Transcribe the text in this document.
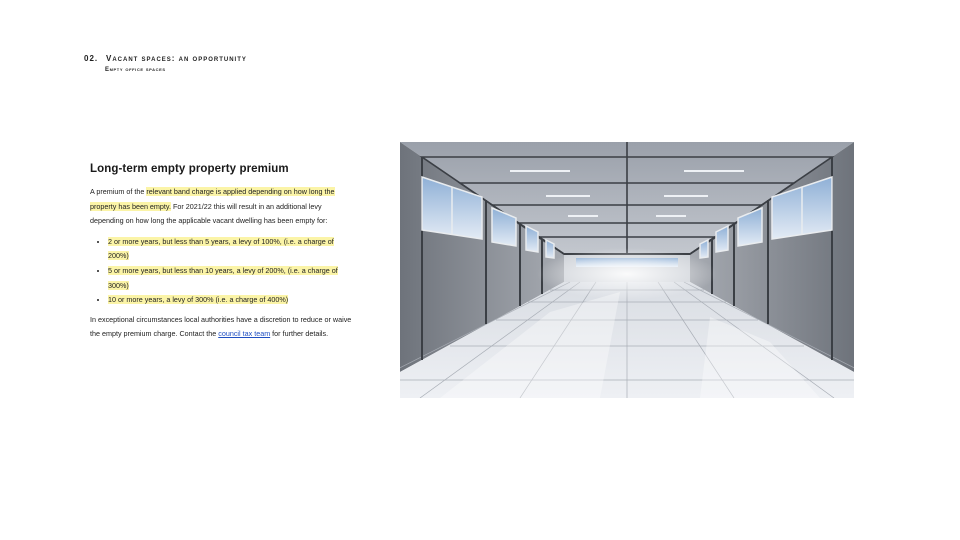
02. Vacant spaces: an opportunity
Empty office spaces
Long-term empty property premium

A premium of the relevant band charge is applied depending on how long the property has been empty. For 2021/22 this will result in an additional levy depending on how long the applicable vacant dwelling has been empty for:

• 2 or more years, but less than 5 years, a levy of 100%, (i.e. a charge of 200%)
• 5 or more years, but less than 10 years, a levy of 200%, (i.e. a charge of 300%)
• 10 or more years, a levy of 300% (i.e. a charge of 400%)

In exceptional circumstances local authorities have a discretion to reduce or waive the empty premium charge. Contact the council tax team for further details.
